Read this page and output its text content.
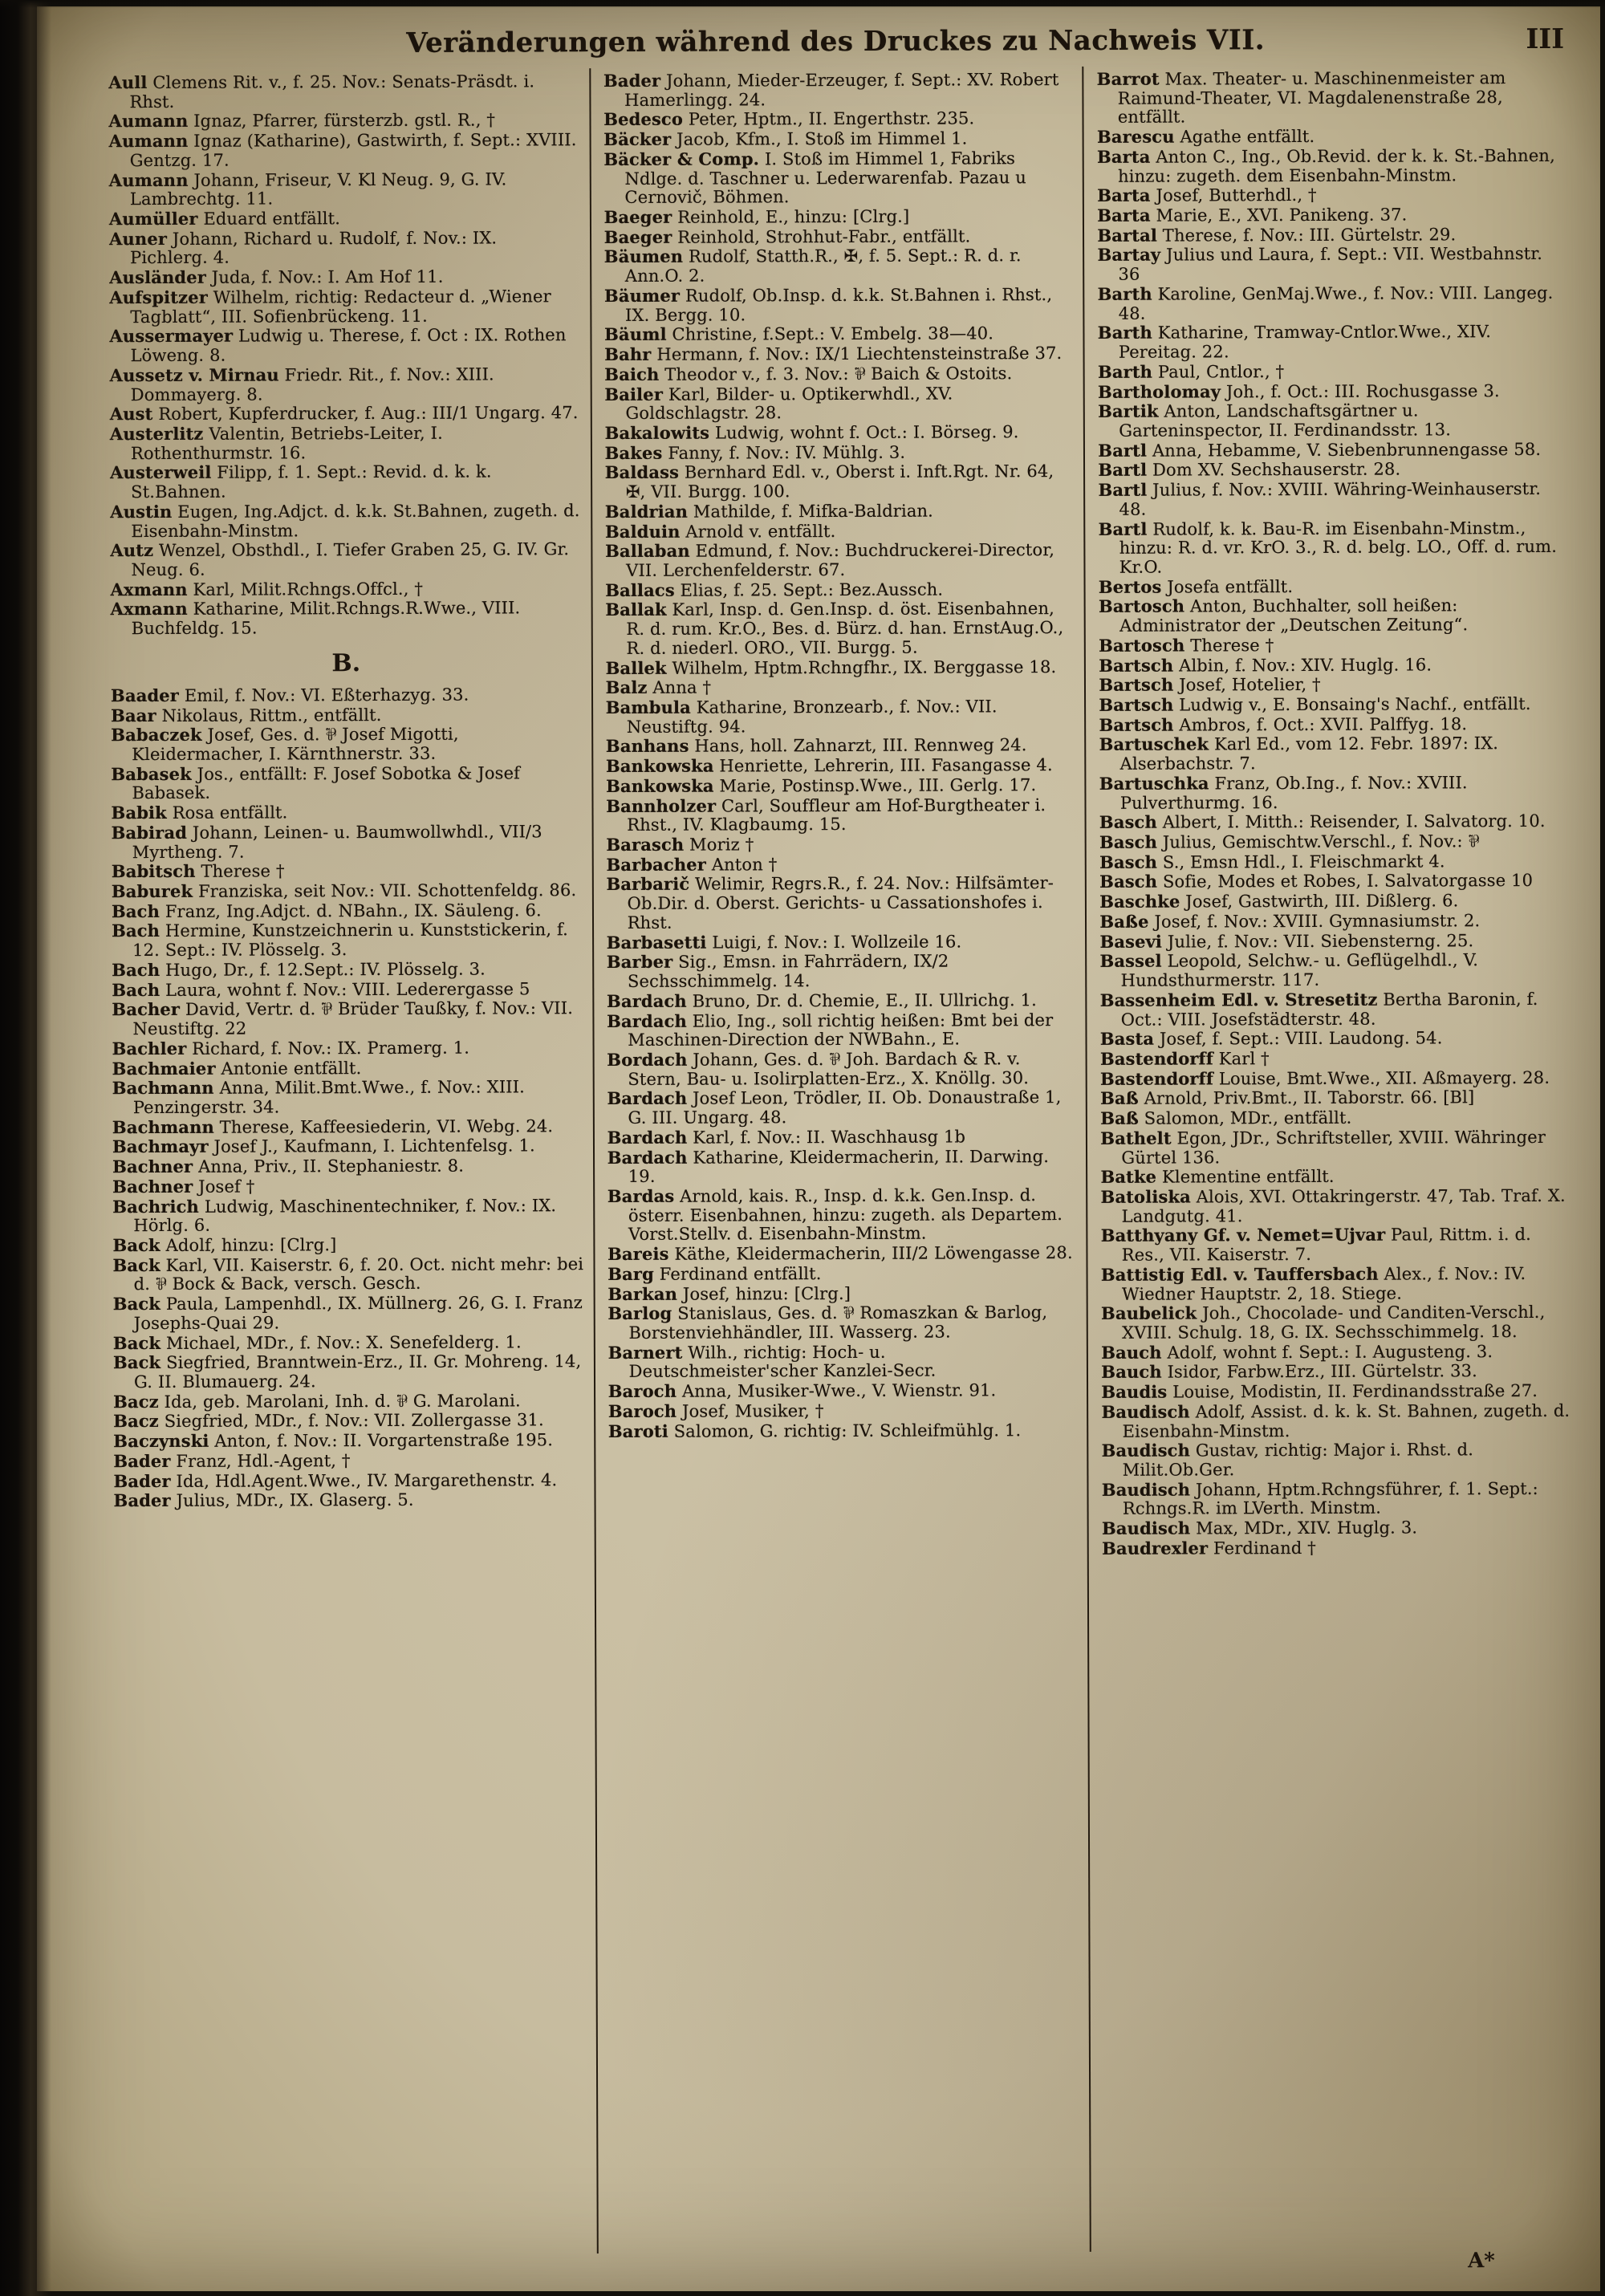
Veränderungen während des Druckes zu Nachweis VII.	III

Aull Clemens Rit. v., f. 25. Nov.: Senats-Präsdt. i. Rhst.

Aumann Ignaz, Pfarrer, fürsterzb. gstl. R., †

Aumann Ignaz (Katharine), Gastwirth, f. Sept.: XVIII. Gentzg. 17.

Aumann Johann, Friseur, V. Kl Neug. 9, G. IV. Lambrechtg. 11.

Aumüller Eduard entfällt.

Auner Johann, Richard u. Rudolf, f. Nov.: IX. Pichlerg. 4.

Ausländer Juda, f. Nov.: I. Am Hof 11.

Aufspitzer Wilhelm, richtig: Redacteur d. „Wiener Tagblatt“, III. Sofienbrückeng. 11.

Aussermayer Ludwig u. Therese, f. Oct : IX. Rothen Löweng. 8.

Aussetz v. Mirnau Friedr. Rit., f. Nov.: XIII. Dommayerg. 8.

Aust Robert, Kupferdrucker, f. Aug.: III/1 Ungarg. 47.

Austerlitz Valentin, Betriebs-Leiter, I. Rothenthurmstr. 16.

Austerweil Filipp, f. 1. Sept.: Revid. d. k. k. St.Bahnen.

Austin Eugen, Ing.Adjct. d. k.k. St.Bahnen, zugeth. d. Eisenbahn-Minstm.

Autz Wenzel, Obsthdl., I. Tiefer Graben 25, G. IV. Gr. Neug. 6.

Axmann Karl, Milit.Rchngs.Offcl., †

Axmann Katharine, Milit.Rchngs.R.Wwe., VIII. Buchfeldg. 15.

B.

Baader Emil, f. Nov.: VI. Eßterhazyg. 33.

Baar Nikolaus, Rittm., entfällt.

Babaczek Josef, Ges. d. ⅌ Josef Migotti, Kleidermacher, I. Kärnthnerstr. 33.

Babasek Jos., entfällt: F. Josef Sobotka & Josef Babasek.

Babik Rosa entfällt.

Babirad Johann, Leinen- u. Baumwollwhdl., VII/3 Myrtheng. 7.

Babitsch Therese †

Baburek Franziska, seit Nov.: VII. Schottenfeldg. 86.

Bach Franz, Ing.Adjct. d. NBahn., IX. Säuleng. 6.

Bach Hermine, Kunstzeichnerin u. Kunststickerin, f. 12. Sept.: IV. Plösselg. 3.

Bach Hugo, Dr., f. 12.Sept.: IV. Plösselg. 3.

Bach Laura, wohnt f. Nov.: VIII. Lederergasse 5

Bacher David, Vertr. d. ⅌ Brüder Taußky, f. Nov.: VII. Neustiftg. 22

Bachler Richard, f. Nov.: IX. Pramerg. 1.

Bachmaier Antonie entfällt.

Bachmann Anna, Milit.Bmt.Wwe., f. Nov.: XIII. Penzingerstr. 34.

Bachmann Therese, Kaffeesiederin, VI. Webg. 24.

Bachmayr Josef J., Kaufmann, I. Lichtenfelsg. 1.

Bachner Anna, Priv., II. Stephaniestr. 8.

Bachner Josef †

Bachrich Ludwig, Maschinentechniker, f. Nov.: IX. Hörlg. 6.

Back Adolf, hinzu: [Clrg.]

Back Karl, VII. Kaiserstr. 6, f. 20. Oct. nicht mehr: bei d. ⅌ Bock & Back, versch. Gesch.

Back Paula, Lampenhdl., IX. Müllnerg. 26, G. I. Franz Josephs-Quai 29.

Back Michael, MDr., f. Nov.: X. Senefelderg. 1.

Back Siegfried, Branntwein-Erz., II. Gr. Mohreng. 14, G. II. Blumauerg. 24.

Bacz Ida, geb. Marolani, Inh. d. ⅌ G. Marolani.

Bacz Siegfried, MDr., f. Nov.: VII. Zollergasse 31.

Baczynski Anton, f. Nov.: II. Vorgartenstraße 195.

Bader Franz, Hdl.-Agent, †

Bader Ida, Hdl.Agent.Wwe., IV. Margarethenstr. 4.

Bader Julius, MDr., IX. Glaserg. 5.

Bader Johann, Mieder-Erzeuger, f. Sept.: XV. Robert Hamerlingg. 24.

Bedesco Peter, Hptm., II. Engerthstr. 235.

Bäcker Jacob, Kfm., I. Stoß im Himmel 1.

Bäcker & Comp. I. Stoß im Himmel 1, Fabriks Ndlge. d. Taschner u. Lederwarenfab. Pazau u Cernovič, Böhmen.

Baeger Reinhold, E., hinzu: [Clrg.]

Baeger Reinhold, Strohhut-Fabr., entfällt.

Bäumen Rudolf, Statth.R., ✠, f. 5. Sept.: R. d. r. Ann.O. 2.

Bäumer Rudolf, Ob.Insp. d. k.k. St.Bahnen i. Rhst., IX. Bergg. 10.

Bäuml Christine, f.Sept.: V. Embelg. 38—40.

Bahr Hermann, f. Nov.: IX/1 Liechtensteinstraße 37.

Baich Theodor v., f. 3. Nov.: ⅌ Baich & Ostoits.

Bailer Karl, Bilder- u. Optikerwhdl., XV. Goldschlagstr. 28.

Bakalowits Ludwig, wohnt f. Oct.: I. Börseg. 9.

Bakes Fanny, f. Nov.: IV. Mühlg. 3.

Baldass Bernhard Edl. v., Oberst i. Inft.Rgt. Nr. 64, ✠, VII. Burgg. 100.

Baldrian Mathilde, f. Mifka-Baldrian.

Balduin Arnold v. entfällt.

Ballaban Edmund, f. Nov.: Buchdruckerei-Director, VII. Lerchenfelderstr. 67.

Ballacs Elias, f. 25. Sept.: Bez.Aussch.

Ballak Karl, Insp. d. Gen.Insp. d. öst. Eisenbahnen, R. d. rum. Kr.O., Bes. d. Bürz. d. han. ErnstAug.O., R. d. niederl. ORO., VII. Burgg. 5.

Ballek Wilhelm, Hptm.Rchngfhr., IX. Berggasse 18.

Balz Anna †

Bambula Katharine, Bronzearb., f. Nov.: VII. Neustiftg. 94.

Banhans Hans, holl. Zahnarzt, III. Rennweg 24.

Bankowska Henriette, Lehrerin, III. Fasangasse 4.

Bankowska Marie, Postinsp.Wwe., III. Gerlg. 17.

Bannholzer Carl, Souffleur am Hof-Burgtheater i. Rhst., IV. Klagbaumg. 15.

Barasch Moriz †

Barbacher Anton †

Barbarič Welimir, Regrs.R., f. 24. Nov.: Hilfsämter-Ob.Dir. d. Oberst. Gerichts- u Cassationshofes i. Rhst.

Barbasetti Luigi, f. Nov.: I. Wollzeile 16.

Barber Sig., Emsn. in Fahrrädern, IX/2 Sechsschimmelg. 14.

Bardach Bruno, Dr. d. Chemie, E., II. Ullrichg. 1.

Bardach Elio, Ing., soll richtig heißen: Bmt bei der Maschinen-Direction der NWBahn., E.

Bordach Johann, Ges. d. ⅌ Joh. Bardach & R. v. Stern, Bau- u. Isolirplatten-Erz., X. Knöllg. 30.

Bardach Josef Leon, Trödler, II. Ob. Donaustraße 1, G. III. Ungarg. 48.

Bardach Karl, f. Nov.: II. Waschhausg 1b

Bardach Katharine, Kleidermacherin, II. Darwing. 19.

Bardas Arnold, kais. R., Insp. d. k.k. Gen.Insp. d. österr. Eisenbahnen, hinzu: zugeth. als Departem. Vorst.Stellv. d. Eisenbahn-Minstm.

Bareis Käthe, Kleidermacherin, III/2 Löwengasse 28.

Barg Ferdinand entfällt.

Barkan Josef, hinzu: [Clrg.]

Barlog Stanislaus, Ges. d. ⅌ Romaszkan & Barlog, Borstenviehhändler, III. Wasserg. 23.

Barnert Wilh., richtig: Hoch- u. Deutschmeister'scher Kanzlei-Secr.

Baroch Anna, Musiker-Wwe., V. Wienstr. 91.

Baroch Josef, Musiker, †

Baroti Salomon, G. richtig: IV. Schleifmühlg. 1.

Barrot Max. Theater- u. Maschinenmeister am Raimund-Theater, VI. Magdalenenstraße 28, entfällt.

Barescu Agathe entfällt.

Barta Anton C., Ing., Ob.Revid. der k. k. St.-Bahnen, hinzu: zugeth. dem Eisenbahn-Minstm.

Barta Josef, Butterhdl., †

Barta Marie, E., XVI. Panikeng. 37.

Bartal Therese, f. Nov.: III. Gürtelstr. 29.

Bartay Julius und Laura, f. Sept.: VII. Westbahnstr. 36

Barth Karoline, GenMaj.Wwe., f. Nov.: VIII. Langeg. 48.

Barth Katharine, Tramway-Cntlor.Wwe., XIV. Pereitag. 22.

Barth Paul, Cntlor., †

Bartholomay Joh., f. Oct.: III. Rochusgasse 3.

Bartik Anton, Landschaftsgärtner u. Garteninspector, II. Ferdinandsstr. 13.

Bartl Anna, Hebamme, V. Siebenbrunnengasse 58.

Bartl Dom XV. Sechshauserstr. 28.

Bartl Julius, f. Nov.: XVIII. Währing-Weinhauserstr. 48.

Bartl Rudolf, k. k. Bau-R. im Eisenbahn-Minstm., hinzu: R. d. vr. KrO. 3., R. d. belg. LO., Off. d. rum. Kr.O.

Bertos Josefa entfällt.

Bartosch Anton, Buchhalter, soll heißen: Administrator der „Deutschen Zeitung“.

Bartosch Therese †

Bartsch Albin, f. Nov.: XIV. Huglg. 16.

Bartsch Josef, Hotelier, †

Bartsch Ludwig v., E. Bonsaing's Nachf., entfällt.

Bartsch Ambros, f. Oct.: XVII. Palffyg. 18.

Bartuschek Karl Ed., vom 12. Febr. 1897: IX. Alserbachstr. 7.

Bartuschka Franz, Ob.Ing., f. Nov.: XVIII. Pulverthurmg. 16.

Basch Albert, I. Mitth.: Reisender, I. Salvatorg. 10.

Basch Julius, Gemischtw.Verschl., f. Nov.: ⅌

Basch S., Emsn Hdl., I. Fleischmarkt 4.

Basch Sofie, Modes et Robes, I. Salvatorgasse 10

Baschke Josef, Gastwirth, III. Dißlerg. 6.

Baße Josef, f. Nov.: XVIII. Gymnasiumstr. 2.

Basevi Julie, f. Nov.: VII. Siebensterng. 25.

Bassel Leopold, Selchw.- u. Geflügelhdl., V. Hundsthurmerstr. 117.

Bassenheim Edl. v. Stresetitz Bertha Baronin, f. Oct.: VIII. Josefstädterstr. 48.

Basta Josef, f. Sept.: VIII. Laudong. 54.

Bastendorff Karl †

Bastendorff Louise, Bmt.Wwe., XII. Aßmayerg. 28.

Baß Arnold, Priv.Bmt., II. Taborstr. 66. [Bl]

Baß Salomon, MDr., entfällt.

Bathelt Egon, JDr., Schriftsteller, XVIII. Währinger Gürtel 136.

Batke Klementine entfällt.

Batoliska Alois, XVI. Ottakringerstr. 47, Tab. Traf. X. Landgutg. 41.

Batthyany Gf. v. Nemet=Ujvar Paul, Rittm. i. d. Res., VII. Kaiserstr. 7.

Battistig Edl. v. Tauffersbach Alex., f. Nov.: IV. Wiedner Hauptstr. 2, 18. Stiege.

Baubelick Joh., Chocolade- und Canditen-Verschl., XVIII. Schulg. 18, G. IX. Sechsschimmelg. 18.

Bauch Adolf, wohnt f. Sept.: I. Augusteng. 3.

Bauch Isidor, Farbw.Erz., III. Gürtelstr. 33.

Baudis Louise, Modistin, II. Ferdinandsstraße 27.

Baudisch Adolf, Assist. d. k. k. St. Bahnen, zugeth. d. Eisenbahn-Minstm.

Baudisch Gustav, richtig: Major i. Rhst. d. Milit.Ob.Ger.

Baudisch Johann, Hptm.Rchngsführer, f. 1. Sept.: Rchngs.R. im LVerth. Minstm.

Baudisch Max, MDr., XIV. Huglg. 3.

Baudrexler Ferdinand †

A*
